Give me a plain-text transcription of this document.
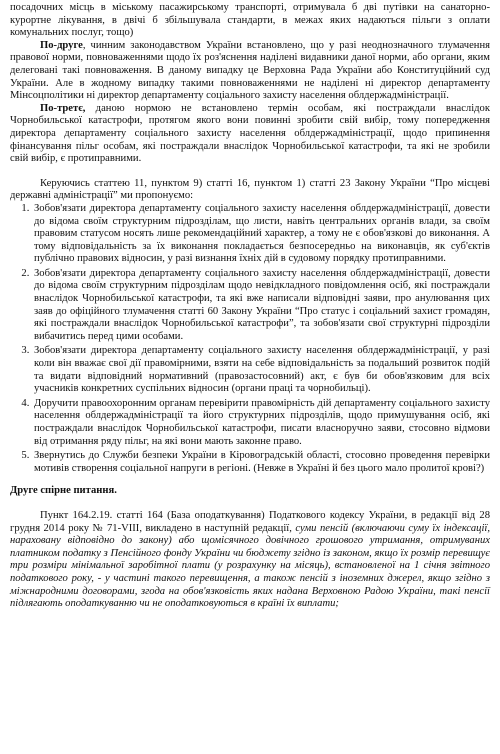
посадочних місць в міському пасажирському транспорті, отримувала б дві путівки на санаторно-курортне лікування, в двічі б збільшувала стандарти, в межах яких надаються пільги з оплати комунальних послуг, тощо)

По-друге, чинним законодавством України встановлено, що у разі неоднозначного тлумачення правової норми, повноваженнями щодо їх роз'яснення наділені видавники даної норми, або органи, яким делеговані такі повноваження. В даному випадку це Верховна Рада України або Конституційний суд України. Але в жодному випадку такими повноваженнями не наділені ні директор департаменту Мінсоцполітики ні директор департаменту соціального захисту населення облдержадміністрації.

По-третє, даною нормою не встановлено термін особам, які постраждали внаслідок Чорнобильської катастрофи, протягом якого вони повинні зробити свій вибір, тому попередження директора департаменту соціального захисту населення облдержадміністрації, щодо припинення фінансування пільг особам, які постраждали внаслідок Чорнобильської катастрофи, та які не зробили свій вибір, є протиправними.

Керуючись статтею 11, пунктом 9) статті 16, пунктом 1) статті 23 Закону України “Про місцеві державні адміністрації” ми пропонуємо:

1. Зобов'язати директора департаменту соціального захисту населення облдержадміністрації, довести до відома своїм структурним підрозділам, що листи, навіть центральних органів влади, за своїм правовим статусом носять лише рекомендаційний характер, а тому не є обов'язкові до виконання. А тому відповідальність за їх виконання покладається безпосередньо на виконавців, як суб'єктів публічно правових відносин, у разі визнання їхніх дій в судовому порядку протиправними.
2. Зобов'язати директора департаменту соціального захисту населення облдержадміністрації, довести до відома своїм структурним підрозділам щодо невідкладного повідомлення осіб, які постраждали внаслідок Чорнобильської катастрофи, та які вже написали відповідні заяви, про анулювання цих заяв до офіційного тлумачення статті 60 Закону України “Про статус і соціальний захист громадян, які постраждали внаслідок Чорнобильської катастрофи”, та зобов'язати свої структурні підрозділи вибачитись перед цими особами.
3. Зобов'язати директора департаменту соціального захисту населення облдержадміністрації, у разі коли він вважає свої дії правомірними, взяти на себе відповідальність за подальший розвиток подій та видати відповідний нормативний (правозастосовний) акт, є був би обов'язковим для всіх учасників конкретних суспільних відносин (органи праці та чорнобильці).
4. Доручити правоохоронним органам перевірити правомірність дій департаменту соціального захисту населення облдержадміністрації та його структурних підрозділів, щодо примушування осіб, які постраждали внаслідок Чорнобильської катастрофи, писати власноручно заяви, стосовно відмови від отримання ряду пільг, на які вони мають законне право.
5. Звернутись до Служби безпеки України в Кіровоградській області, стосовно проведення перевірки мотивів створення соціальної напруги в регіоні. (Невже в Україні й без цього мало пролитої крові?)

Друге спірне питання.

Пункт 164.2.19. статті 164 (База оподаткування) Податкового кодексу України, в редакції від 28 грудня 2014 року № 71-VIII, викладено в наступній редакції, суми пенсій (включаючи суму їх індексації, нараховану відповідно до закону) або щомісячного довічного грошового утримання, отримуваних платником податку з Пенсійного фонду України чи бюджету згідно із законом, якщо їх розмір перевищує три розміри мінімальної заробітної плати (у розрахунку на місяць), встановленої на 1 січня звітного податкового року, - у частині такого перевищення, а також пенсій з іноземних джерел, якщо згідно з міжнародними договорами, згода на обов'язковість яких надана Верховною Радою України, такі пенсії підлягають оподаткуванню чи не оподатковуються в країні їх виплати;
